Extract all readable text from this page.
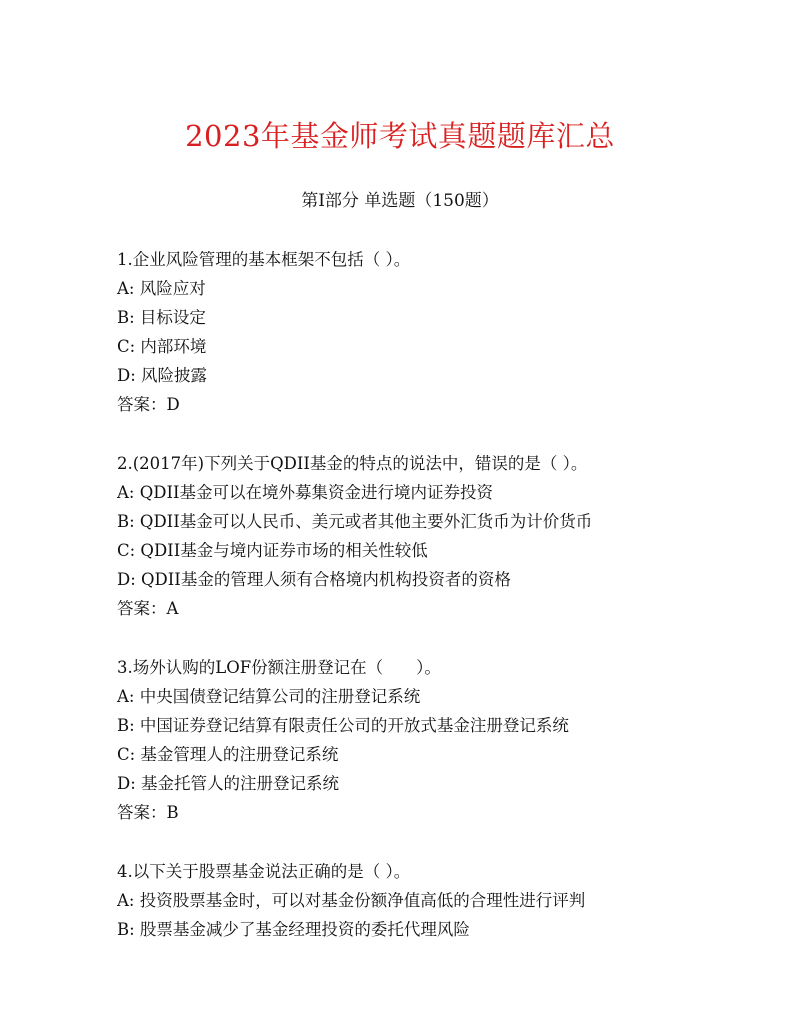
2023年基金师考试真题题库汇总
第I部分 单选题（150题）
1.企业风险管理的基本框架不包括（ ）。
A: 风险应对
B: 目标设定
C: 内部环境
D: 风险披露
答案：D
2.(2017年)下列关于QDII基金的特点的说法中，错误的是（ ）。
A: QDII基金可以在境外募集资金进行境内证券投资
B: QDII基金可以人民币、美元或者其他主要外汇货币为计价货币
C: QDII基金与境内证券市场的相关性较低
D: QDII基金的管理人须有合格境内机构投资者的资格
答案：A
3.场外认购的LOF份额注册登记在（　　）。
A: 中央国债登记结算公司的注册登记系统
B: 中国证券登记结算有限责任公司的开放式基金注册登记系统
C: 基金管理人的注册登记系统
D: 基金托管人的注册登记系统
答案：B
4.以下关于股票基金说法正确的是（ ）。
A: 投资股票基金时，可以对基金份额净值高低的合理性进行评判
B: 股票基金减少了基金经理投资的委托代理风险
